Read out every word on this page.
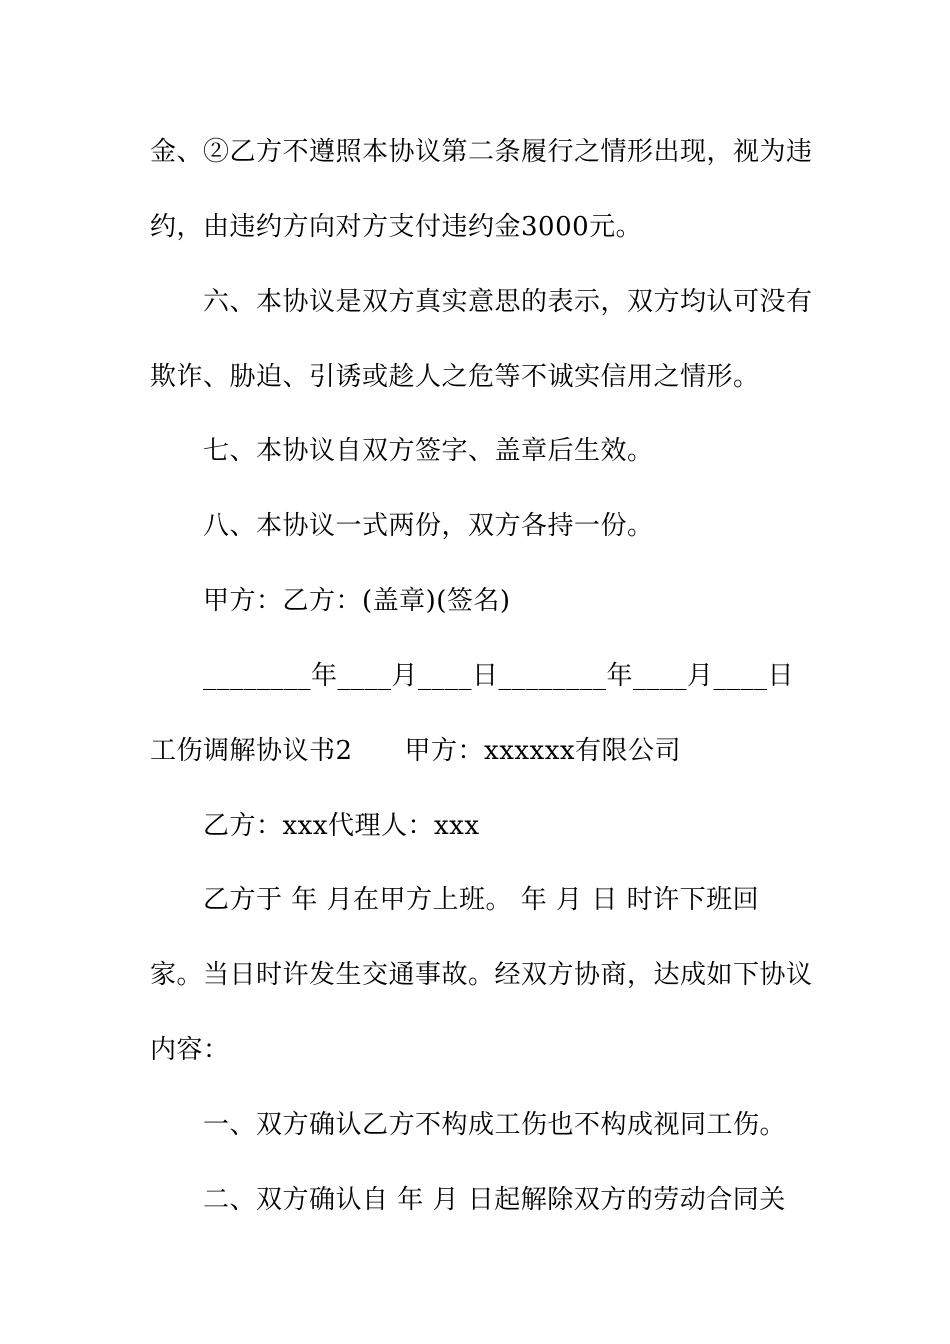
金、②乙方不遵照本协议第二条履行之情形出现，视为违
约，由违约方向对方支付违约金3000元。
六、本协议是双方真实意思的表示，双方均认可没有
欺诈、胁迫、引诱或趁人之危等不诚实信用之情形。
七、本协议自双方签字、盖章后生效。
八、本协议一式两份，双方各持一份。
甲方：乙方：(盖章)(签名)
________年____月____日________年____月____日
工伤调解协议书2 甲方：xxxxxx有限公司
乙方：xxx代理人：xxx
乙方于 年 月在甲方上班。 年 月 日 时许下班回
家。当日时许发生交通事故。经双方协商，达成如下协议
内容：
一、双方确认乙方不构成工伤也不构成视同工伤。
二、双方确认自 年 月 日起解除双方的劳动合同关
